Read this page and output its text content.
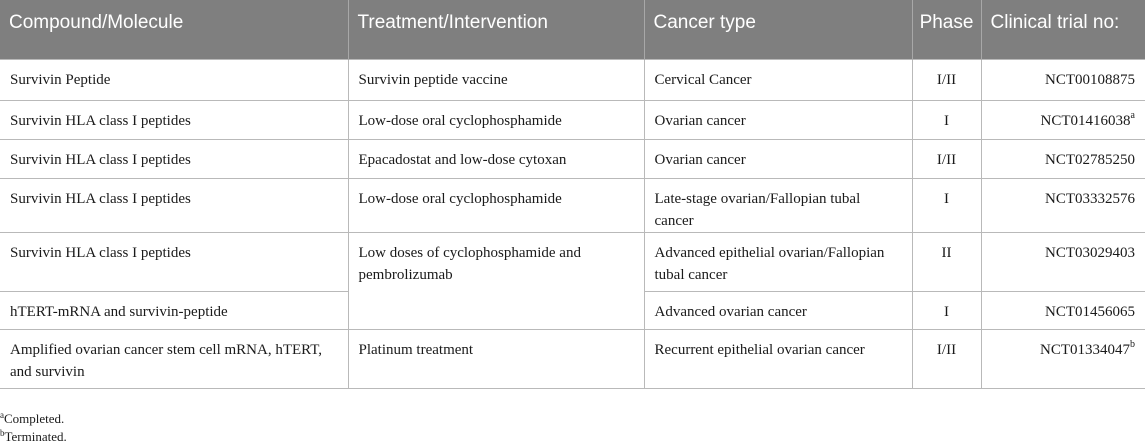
Compound/Molecule	Treatment/Intervention	Cancer type	Phase	Clinical trial no:
Survivin Peptide	Survivin peptide vaccine	Cervical Cancer	I/II	NCT00108875
Survivin HLA class I peptides	Low-dose oral cyclophosphamide	Ovarian cancer	I	NCT01416038$^a$
Survivin HLA class I peptides	Epacadostat and low-dose cytoxan	Ovarian cancer	I/II	NCT02785250
Survivin HLA class I peptides	Low-dose oral cyclophosphamide	Late-stage ovarian/Fallopian tubal cancer	I	NCT03332576
Survivin HLA class I peptides	Low doses of cyclophosphamide and pembrolizumab	Advanced epithelial ovarian/Fallopian tubal cancer	II	NCT03029403
hTERT-mRNA and survivin-peptide		Advanced ovarian cancer	I	NCT01456065
Amplified ovarian cancer stem cell mRNA, hTERT, and survivin	Platinum treatment	Recurrent epithelial ovarian cancer	I/II	NCT01334047$^b$
$^a$Completed.
$^b$Terminated.
